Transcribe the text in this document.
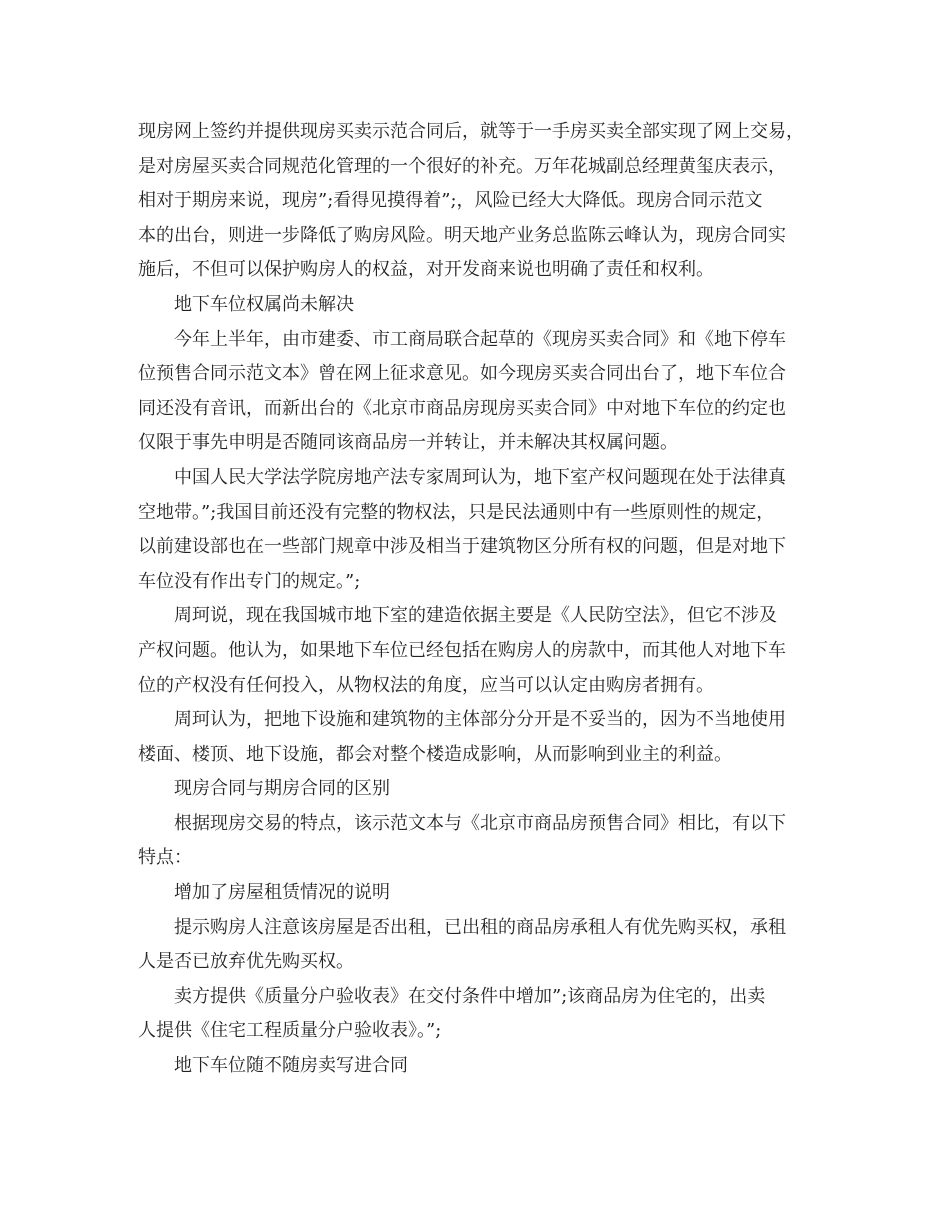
现房网上签约并提供现房买卖示范合同后，就等于一手房买卖全部实现了网上交易，
是对房屋买卖合同规范化管理的一个很好的补充。万年花城副总经理黄玺庆表示，
相对于期房来说，现房”;看得见摸得着”;，风险已经大大降低。现房合同示范文
本的出台，则进一步降低了购房风险。明天地产业务总监陈云峰认为，现房合同实
施后，不但可以保护购房人的权益，对开发商来说也明确了责任和权利。
地下车位权属尚未解决
今年上半年，由市建委、市工商局联合起草的《现房买卖合同》和《地下停车
位预售合同示范文本》曾在网上征求意见。如今现房买卖合同出台了，地下车位合
同还没有音讯，而新出台的《北京市商品房现房买卖合同》中对地下车位的约定也
仅限于事先申明是否随同该商品房一并转让，并未解决其权属问题。
中国人民大学法学院房地产法专家周珂认为，地下室产权问题现在处于法律真
空地带。”;我国目前还没有完整的物权法，只是民法通则中有一些原则性的规定，
以前建设部也在一些部门规章中涉及相当于建筑物区分所有权的问题，但是对地下
车位没有作出专门的规定。”;
周珂说，现在我国城市地下室的建造依据主要是《人民防空法》，但它不涉及
产权问题。他认为，如果地下车位已经包括在购房人的房款中，而其他人对地下车
位的产权没有任何投入，从物权法的角度，应当可以认定由购房者拥有。
周珂认为，把地下设施和建筑物的主体部分分开是不妥当的，因为不当地使用
楼面、楼顶、地下设施，都会对整个楼造成影响，从而影响到业主的利益。
现房合同与期房合同的区别
根据现房交易的特点，该示范文本与《北京市商品房预售合同》相比，有以下
特点：
增加了房屋租赁情况的说明
提示购房人注意该房屋是否出租，已出租的商品房承租人有优先购买权，承租
人是否已放弃优先购买权。
卖方提供《质量分户验收表》在交付条件中增加”;该商品房为住宅的，出卖
人提供《住宅工程质量分户验收表》。”;
地下车位随不随房卖写进合同
